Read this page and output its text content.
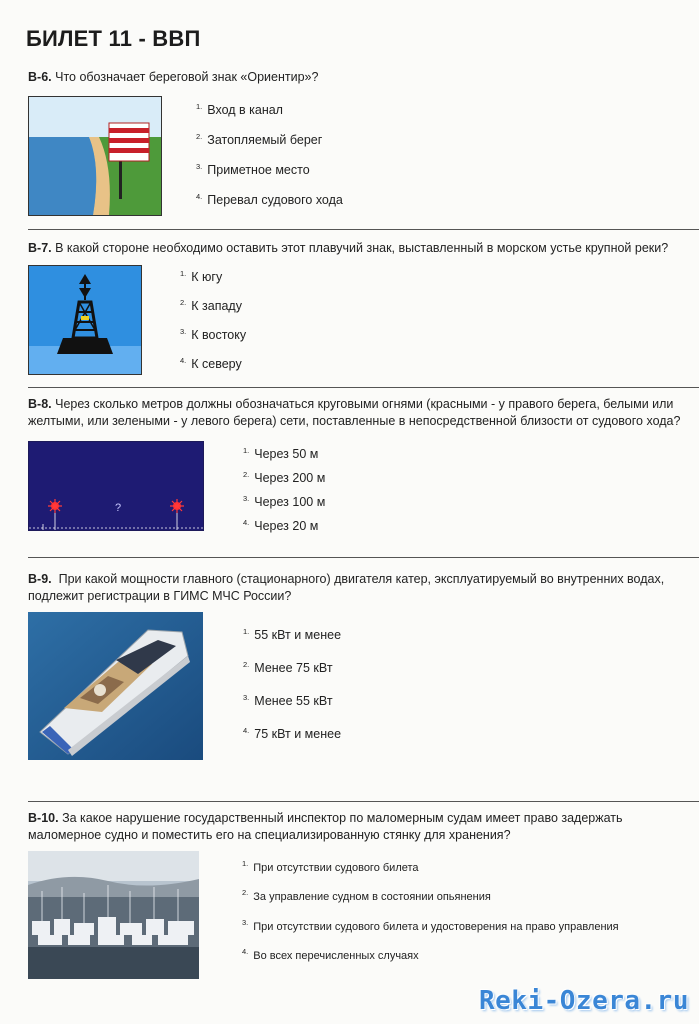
БИЛЕТ 11 - ВВП
В-6. Что обозначает береговой знак «Ориентир»?
$^{1.}$ Вход в канал
$^{2.}$ Затопляемый берег
$^{3.}$ Приметное место
$^{4.}$ Перевал судового хода
В-7. В какой стороне необходимо оставить этот плавучий знак, выставленный в морском устье крупной реки?
$^{1.}$ К югу
$^{2.}$ К западу
$^{3.}$ К востоку
$^{4.}$ К северу
В-8. Через сколько метров должны обозначаться круговыми огнями (красными - у правого берега, белыми или
желтыми, или зелеными - у левого берега) сети, поставленные в непосредственной близости от судового хода?
?
$^{1.}$ Через 50 м
$^{2.}$ Через 200 м
$^{3.}$ Через 100 м
$^{4.}$ Через 20 м
В-9. При какой мощности главного (стационарного) двигателя катер, эксплуатируемый во внутренних водах,
подлежит регистрации в ГИМС МЧС России?
$^{1.}$ 55 кВт и менее
$^{2.}$ Менее 75 кВт
$^{3.}$ Менее 55 кВт
$^{4.}$ 75 кВт и менее
В-10. За какое нарушение государственный инспектор по маломерным судам имеет право задержать
маломерное судно и поместить его на специализированную стянку для хранения?
$^{1.}$ При отсутствии судового билета
$^{2.}$ За управление судном в состоянии опьянения
$^{3.}$ При отсутствии судового билета и удостоверения на право управления
$^{4.}$ Во всех перечисленных случаях
Reki-Ozera.ru
